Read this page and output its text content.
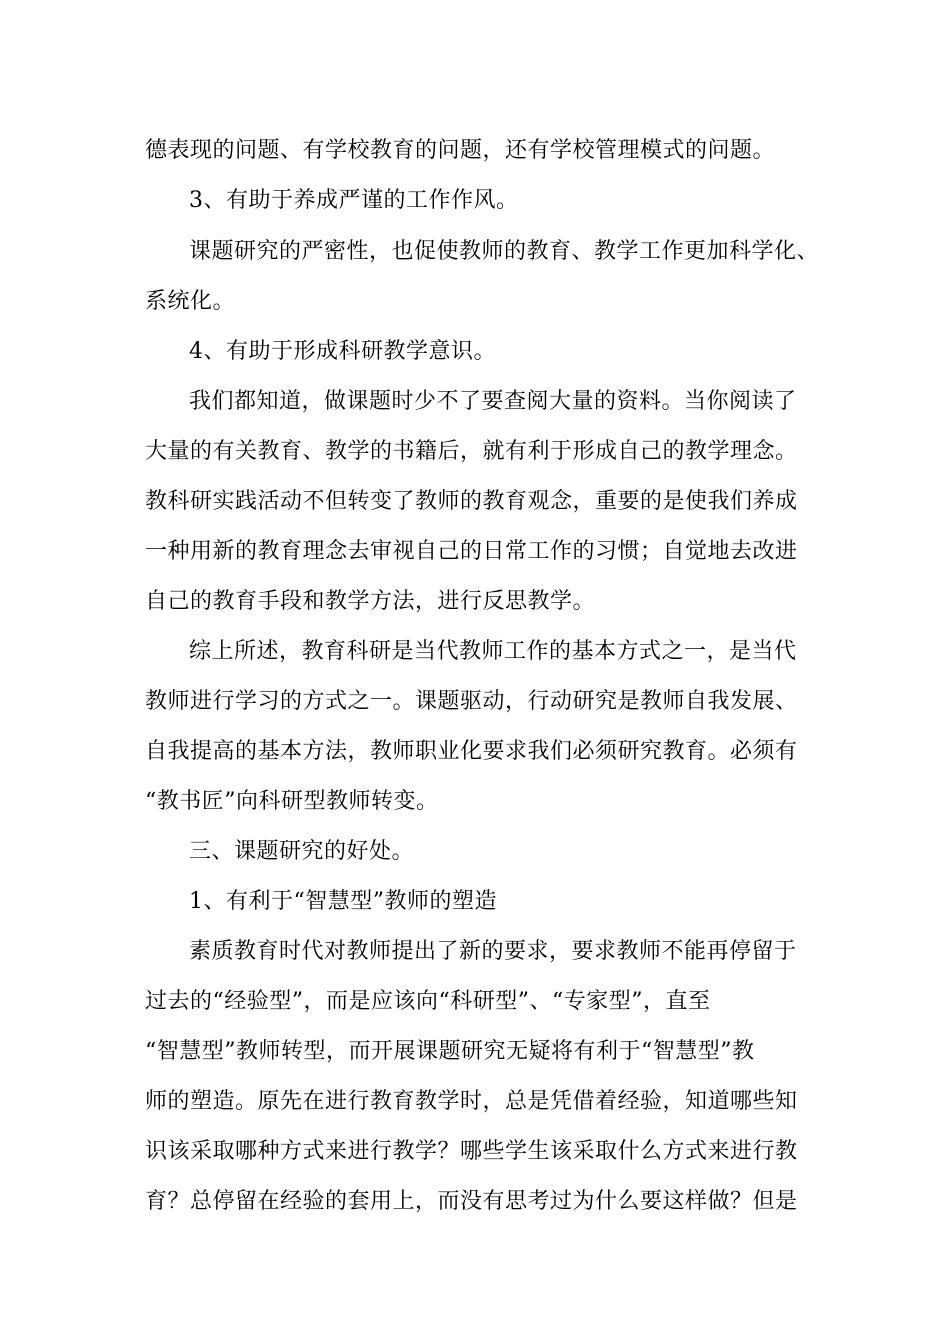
德表现的问题、有学校教育的问题，还有学校管理模式的问题。
3、有助于养成严谨的工作作风。
课题研究的严密性，也促使教师的教育、教学工作更加科学化、
系统化。
4、有助于形成科研教学意识。
我们都知道，做课题时少不了要查阅大量的资料。当你阅读了
大量的有关教育、教学的书籍后，就有利于形成自己的教学理念。
教科研实践活动不但转变了教师的教育观念，重要的是使我们养成
一种用新的教育理念去审视自己的日常工作的习惯；自觉地去改进
自己的教育手段和教学方法，进行反思教学。
综上所述，教育科研是当代教师工作的基本方式之一，是当代
教师进行学习的方式之一。课题驱动，行动研究是教师自我发展、
自我提高的基本方法，教师职业化要求我们必须研究教育。必须有
“教书匠”向科研型教师转变。
三、课题研究的好处。
1、有利于“智慧型”教师的塑造
素质教育时代对教师提出了新的要求，要求教师不能再停留于
过去的“经验型”，而是应该向“科研型”、“专家型”，直至
“智慧型”教师转型，而开展课题研究无疑将有利于“智慧型”教
师的塑造。原先在进行教育教学时，总是凭借着经验，知道哪些知
识该采取哪种方式来进行教学？哪些学生该采取什么方式来进行教
育？总停留在经验的套用上，而没有思考过为什么要这样做？但是
